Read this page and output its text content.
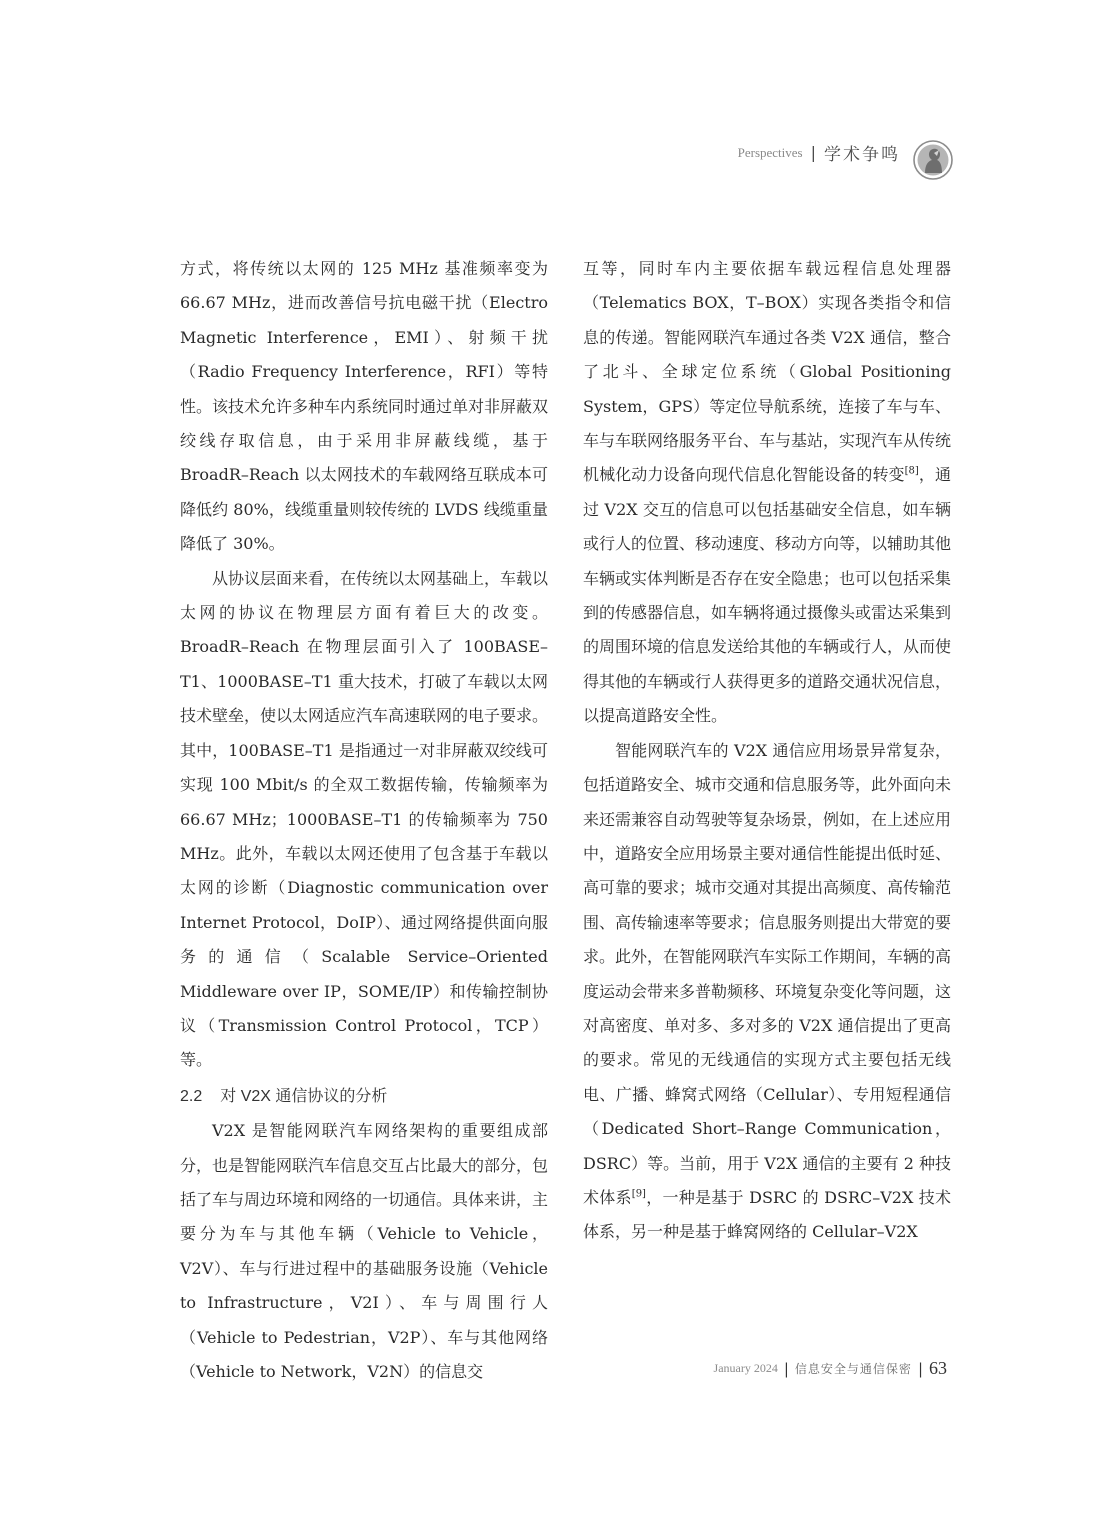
Perspectives | 学术争鸣

方式，将传统以太网的 125 MHz 基准频率变为 66.67 MHz，进而改善信号抗电磁干扰（Electro Magnetic Interference，EMI）、射频干扰（Radio Frequency Interference，RFI）等特性。该技术允许多种车内系统同时通过单对非屏蔽双绞线存取信息，由于采用非屏蔽线缆，基于 BroadR–Reach 以太网技术的车载网络互联成本可降低约 80%，线缆重量则较传统的 LVDS 线缆重量降低了 30%。

从协议层面来看，在传统以太网基础上，车载以太网的协议在物理层方面有着巨大的改变。BroadR–Reach 在物理层面引入了 100BASE–T1、1000BASE–T1 重大技术，打破了车载以太网技术壁垒，使以太网适应汽车高速联网的电子要求。其中，100BASE–T1 是指通过一对非屏蔽双绞线可实现 100 Mbit/s 的全双工数据传输，传输频率为 66.67 MHz；1000BASE–T1 的传输频率为 750 MHz。此外，车载以太网还使用了包含基于车载以太网的诊断（Diagnostic communication over Internet Protocol，DoIP）、通过网络提供面向服务的通信（Scalable Service–Oriented Middleware over IP，SOME/IP）和传输控制协议（Transmission Control Protocol，TCP）等。

2.2 对 V2X 通信协议的分析

V2X 是智能网联汽车网络架构的重要组成部分，也是智能网联汽车信息交互占比最大的部分，包括了车与周边环境和网络的一切通信。具体来讲，主要分为车与其他车辆（Vehicle to Vehicle，V2V）、车与行进过程中的基础服务设施（Vehicle to Infrastructure，V2I）、车与周围行人（Vehicle to Pedestrian，V2P）、车与其他网络（Vehicle to Network，V2N）的信息交

互等，同时车内主要依据车载远程信息处理器（Telematics BOX，T–BOX）实现各类指令和信息的传递。智能网联汽车通过各类 V2X 通信，整合了北斗、全球定位系统（Global Positioning System，GPS）等定位导航系统，连接了车与车、车与车联网络服务平台、车与基站，实现汽车从传统机械化动力设备向现代信息化智能设备的转变[8]，通过 V2X 交互的信息可以包括基础安全信息，如车辆或行人的位置、移动速度、移动方向等，以辅助其他车辆或实体判断是否存在安全隐患；也可以包括采集到的传感器信息，如车辆将通过摄像头或雷达采集到的周围环境的信息发送给其他的车辆或行人，从而使得其他的车辆或行人获得更多的道路交通状况信息，以提高道路安全性。

智能网联汽车的 V2X 通信应用场景异常复杂，包括道路安全、城市交通和信息服务等，此外面向未来还需兼容自动驾驶等复杂场景，例如，在上述应用中，道路安全应用场景主要对通信性能提出低时延、高可靠的要求；城市交通对其提出高频度、高传输范围、高传输速率等要求；信息服务则提出大带宽的要求。此外，在智能网联汽车实际工作期间，车辆的高度运动会带来多普勒频移、环境复杂变化等问题，这对高密度、单对多、多对多的 V2X 通信提出了更高的要求。常见的无线通信的实现方式主要包括无线电、广播、蜂窝式网络（Cellular）、专用短程通信（Dedicated Short–Range Communication，DSRC）等。当前，用于 V2X 通信的主要有 2 种技术体系[9]，一种是基于 DSRC 的 DSRC–V2X 技术体系，另一种是基于蜂窝网络的 Cellular–V2X

January 2024 | 信息安全与通信保密 | 63
